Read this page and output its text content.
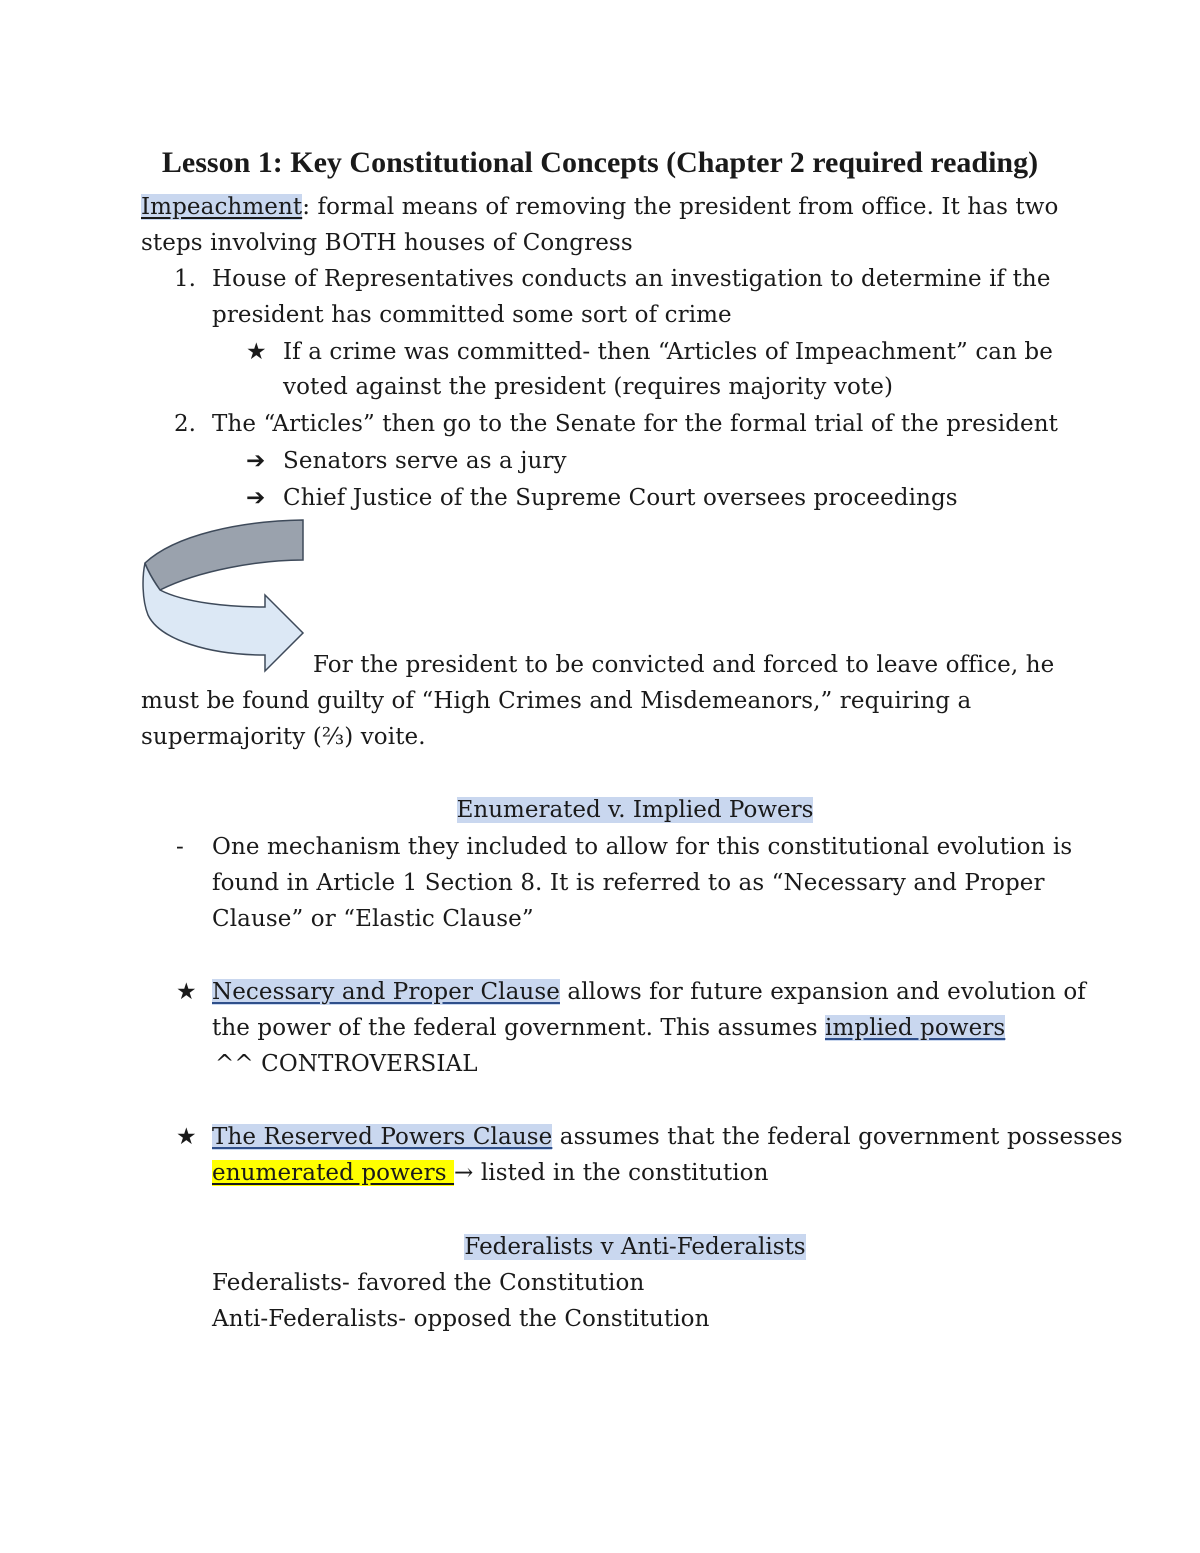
Lesson 1: Key Constitutional Concepts (Chapter 2 required reading)
Impeachment: formal means of removing the president from office. It has two
steps involving BOTH houses of Congress
1. House of Representatives conducts an investigation to determine if the
president has committed some sort of crime
★ If a crime was committed- then “Articles of Impeachment” can be
voted against the president (requires majority vote)
2. The “Articles” then go to the Senate for the formal trial of the president
➔ Senators serve as a jury
➔ Chief Justice of the Supreme Court oversees proceedings
For the president to be convicted and forced to leave office, he
must be found guilty of “High Crimes and Misdemeanors,” requiring a
supermajority (⅔) voite.
Enumerated v. Implied Powers
- One mechanism they included to allow for this constitutional evolution is
found in Article 1 Section 8. It is referred to as “Necessary and Proper
Clause” or “Elastic Clause”
★ Necessary and Proper Clause allows for future expansion and evolution of
the power of the federal government. This assumes implied powers
^^ CONTROVERSIAL
★ The Reserved Powers Clause assumes that the federal government possesses
enumerated powers → listed in the constitution
Federalists v Anti-Federalists
Federalists- favored the Constitution
Anti-Federalists- opposed the Constitution
